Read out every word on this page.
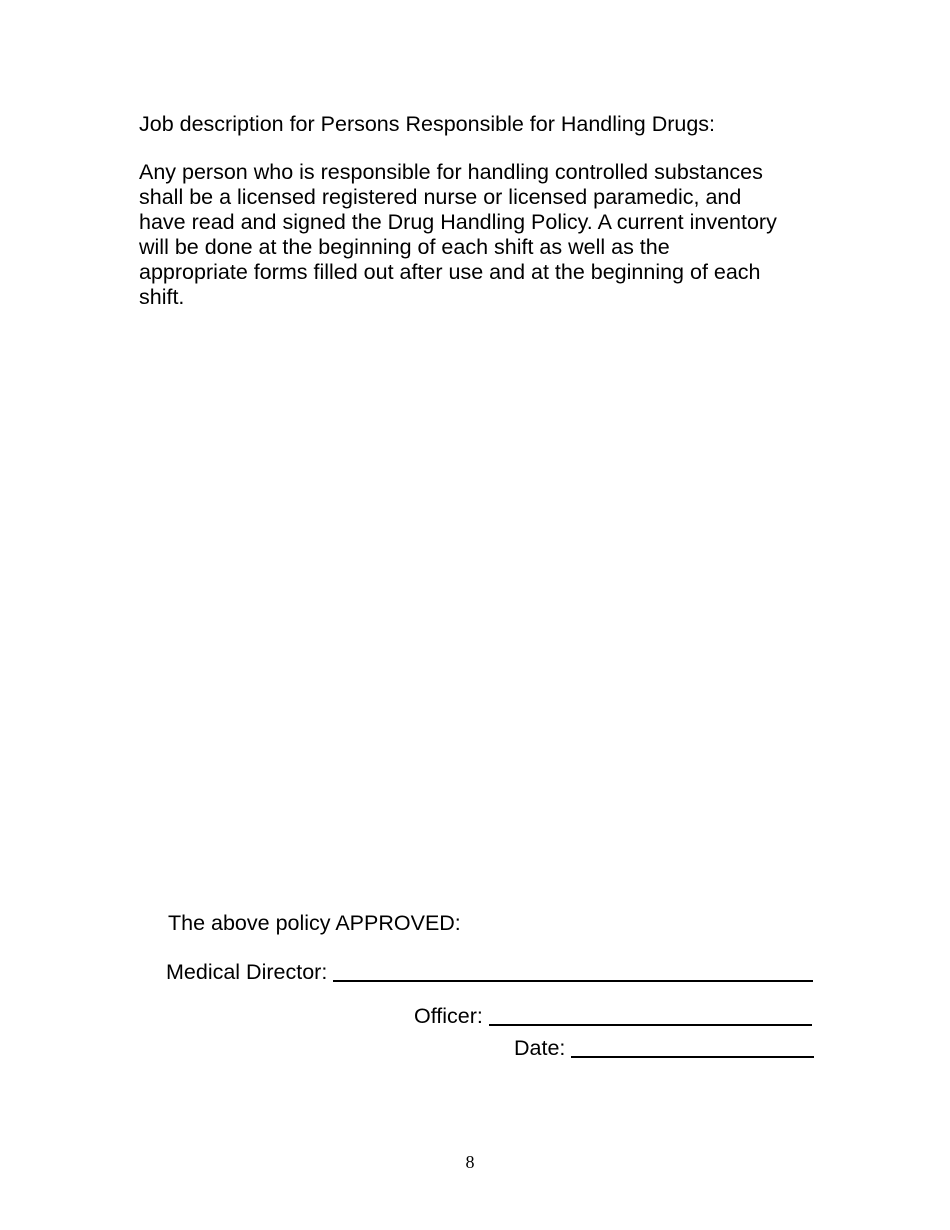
Job description for Persons Responsible for Handling Drugs:
Any person who is responsible for handling controlled substances
shall be a licensed registered nurse or licensed paramedic, and
have read and signed the Drug Handling Policy. A current inventory
will be done at the beginning of each shift as well as the
appropriate forms filled out after use and at the beginning of each
shift.
The above policy APPROVED:
Medical Director:
Officer:
Date:
8
